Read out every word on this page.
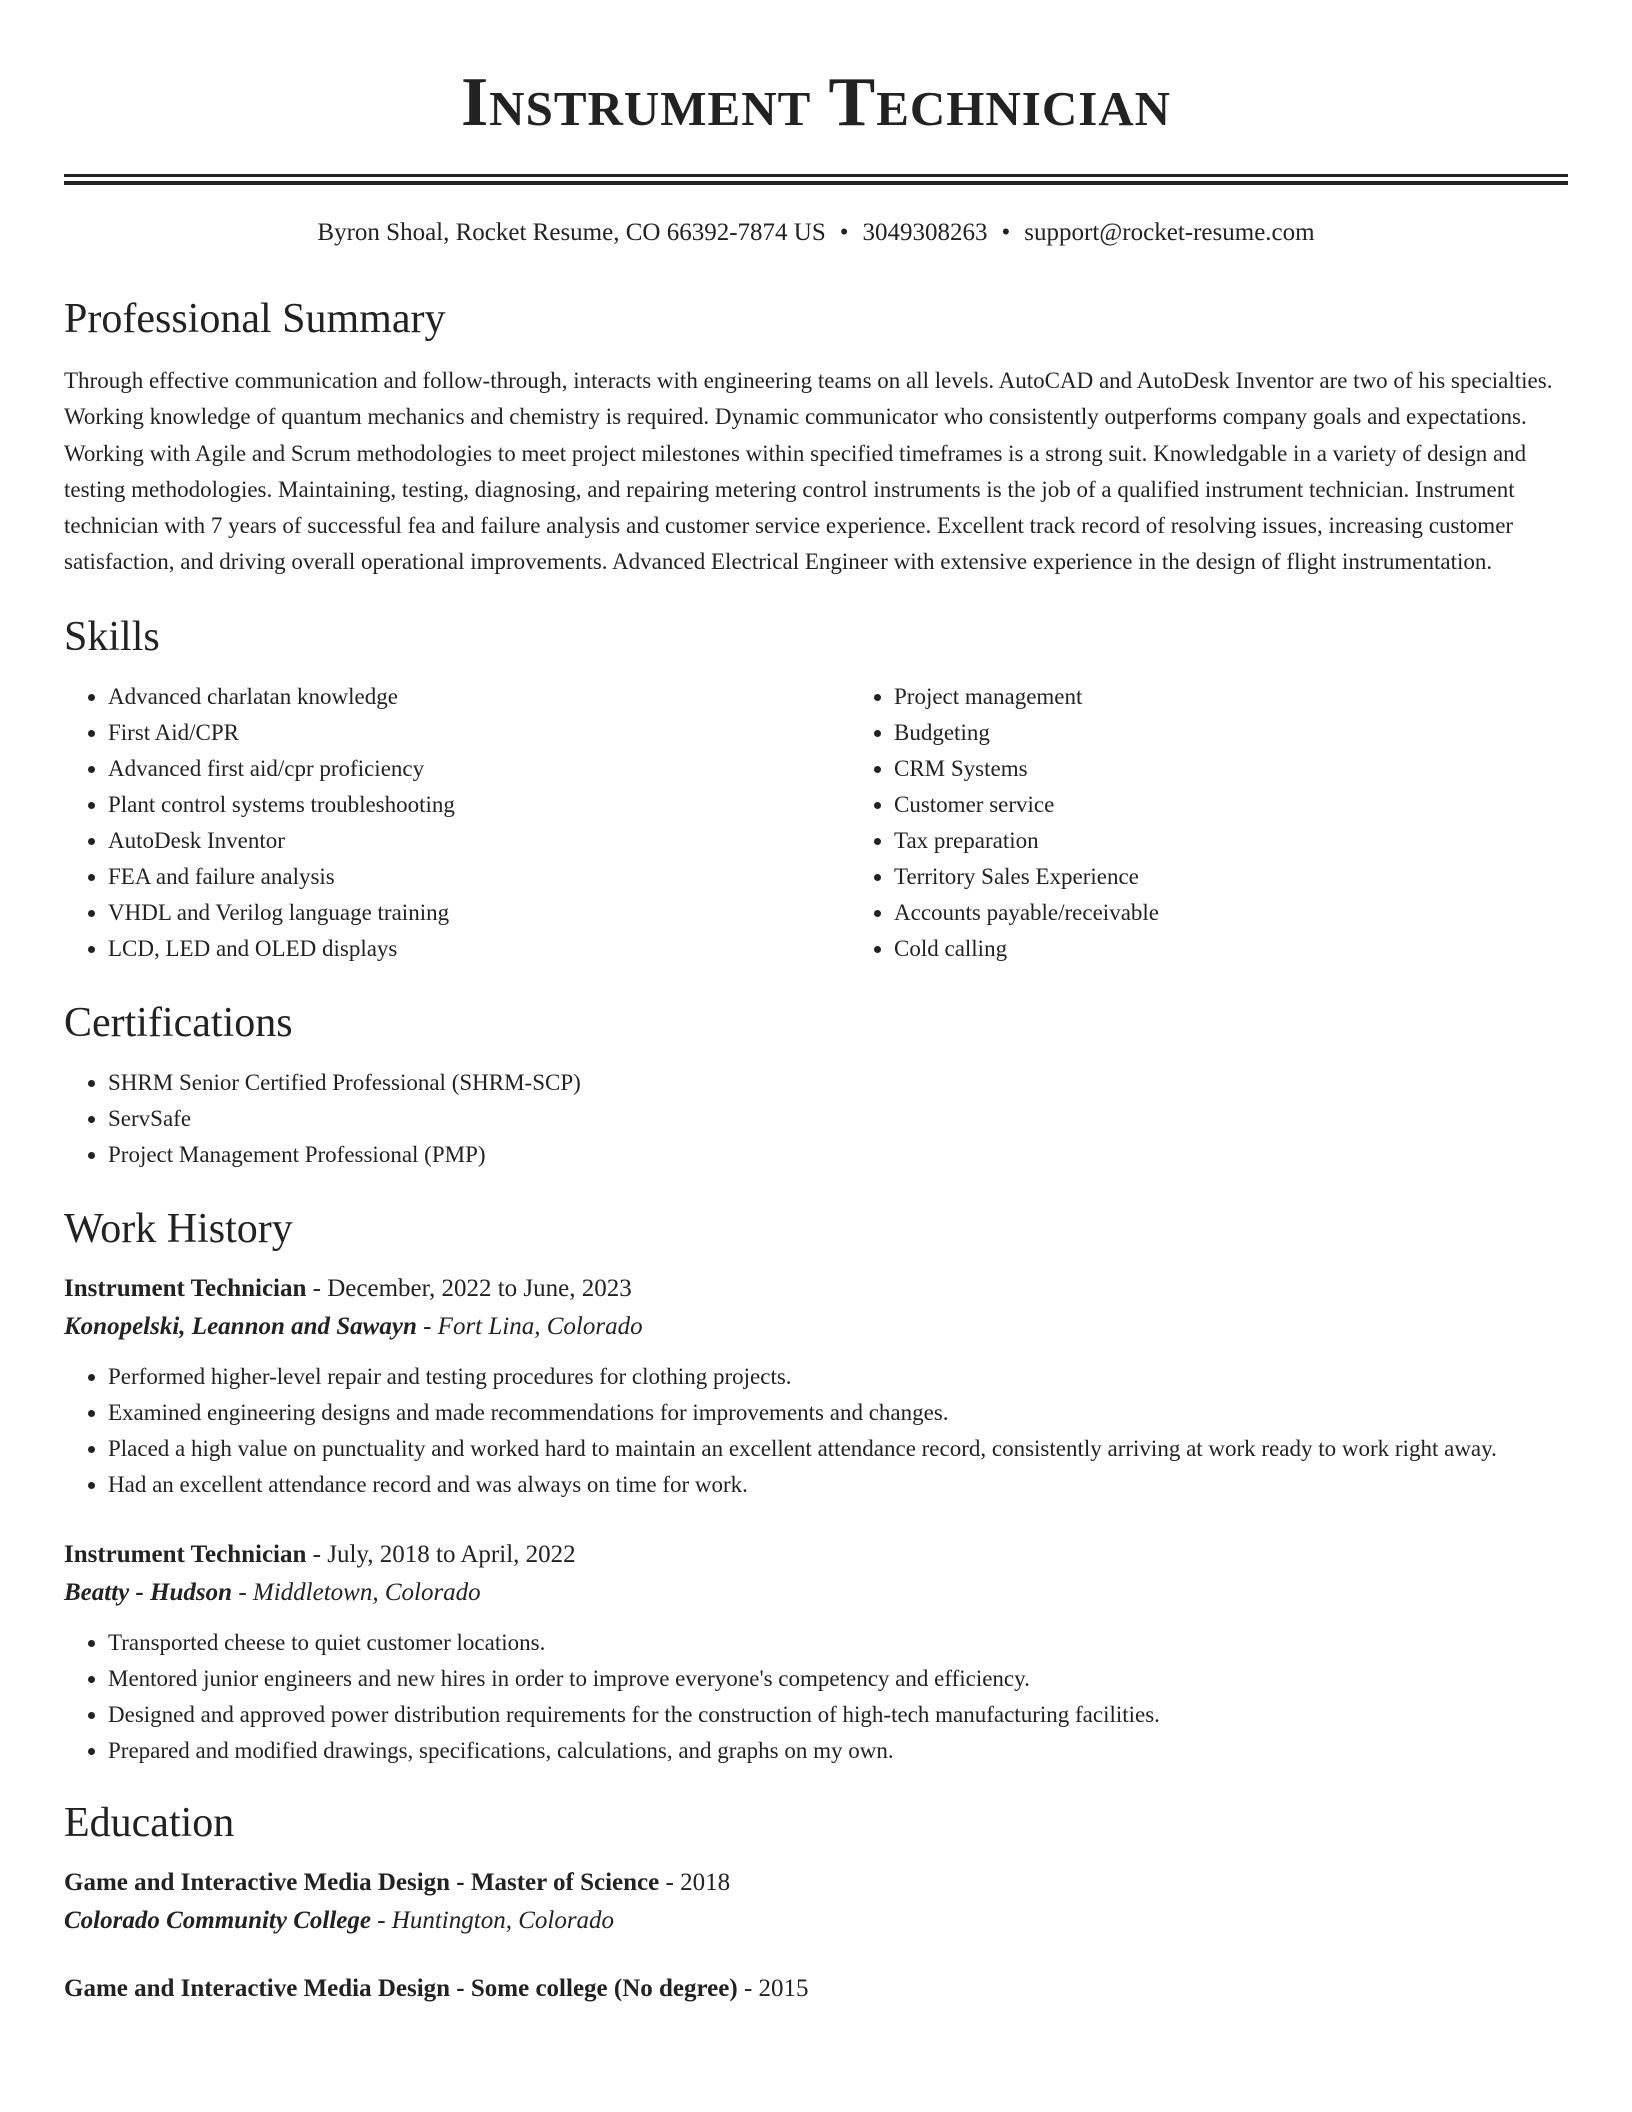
Instrument Technician
Byron Shoal, Rocket Resume, CO 66392-7874 US • 3049308263 • support@rocket-resume.com
Professional Summary

Through effective communication and follow-through, interacts with engineering teams on all levels. AutoCAD and AutoDesk Inventor are two of his specialties. Working knowledge of quantum mechanics and chemistry is required. Dynamic communicator who consistently outperforms company goals and expectations. Working with Agile and Scrum methodologies to meet project milestones within specified timeframes is a strong suit. Knowledgable in a variety of design and testing methodologies. Maintaining, testing, diagnosing, and repairing metering control instruments is the job of a qualified instrument technician. Instrument technician with 7 years of successful fea and failure analysis and customer service experience. Excellent track record of resolving issues, increasing customer satisfaction, and driving overall operational improvements. Advanced Electrical Engineer with extensive experience in the design of flight instrumentation.

Skills
• Advanced charlatan knowledge
• First Aid/CPR
• Advanced first aid/cpr proficiency
• Plant control systems troubleshooting
• AutoDesk Inventor
• FEA and failure analysis
• VHDL and Verilog language training
• LCD, LED and OLED displays
• Project management
• Budgeting
• CRM Systems
• Customer service
• Tax preparation
• Territory Sales Experience
• Accounts payable/receivable
• Cold calling
Certifications
• SHRM Senior Certified Professional (SHRM-SCP)
• ServSafe
• Project Management Professional (PMP)
Work History
Instrument Technician - December, 2022 to June, 2023
Konopelski, Leannon and Sawayn - Fort Lina, Colorado
• Performed higher-level repair and testing procedures for clothing projects.
• Examined engineering designs and made recommendations for improvements and changes.
• Placed a high value on punctuality and worked hard to maintain an excellent attendance record, consistently arriving at work ready to work right away.
• Had an excellent attendance record and was always on time for work.
Instrument Technician - July, 2018 to April, 2022
Beatty - Hudson - Middletown, Colorado
• Transported cheese to quiet customer locations.
• Mentored junior engineers and new hires in order to improve everyone's competency and efficiency.
• Designed and approved power distribution requirements for the construction of high-tech manufacturing facilities.
• Prepared and modified drawings, specifications, calculations, and graphs on my own.
Education
Game and Interactive Media Design - Master of Science - 2018
Colorado Community College - Huntington, Colorado
Game and Interactive Media Design - Some college (No degree) - 2015
